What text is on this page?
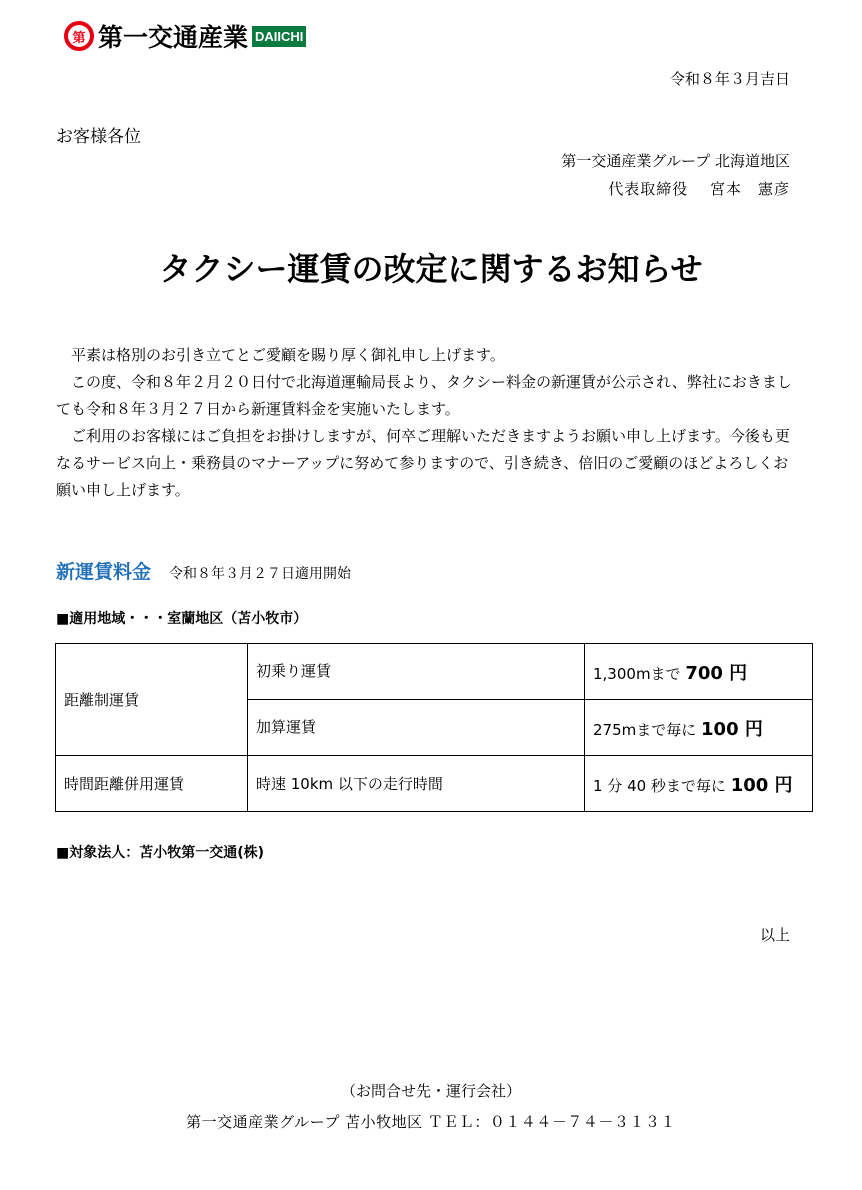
第 第一交通産業 DAIICHI
令和８年３月吉日
お客様各位
第一交通産業グループ 北海道地区
代表取締役　 宮本　憲彦
タクシー運賃の改定に関するお知らせ

　平素は格別のお引き立てとご愛顧を賜り厚く御礼申し上げます。

　この度、令和８年２月２０日付で北海道運輸局長より、タクシー料金の新運賃が公示され、弊社におきましても令和８年３月２７日から新運賃料金を実施いたします。

　ご利用のお客様にはご負担をお掛けしますが、何卒ご理解いただきますようお願い申し上げます。今後も更なるサービス向上・乗務員のマナーアップに努めて参りますので、引き続き、倍旧のご愛顧のほどよろしくお願い申し上げます。

新運賃料金 令和８年３月２７日適用開始
■適用地域・・・室蘭地区（苫小牧市）
距離制運賃	初乗り運賃	1,300mまで 700 円
	加算運賃	275mまで毎に 100 円
時間距離併用運賃	時速 10km 以下の走行時間	1 分 40 秒まで毎に 100 円
■対象法人：苫小牧第一交通(株)
以上
（お問合せ先・運行会社）
第一交通産業グループ 苫小牧地区 ＴＥＬ：０１４４－７４－３１３１
